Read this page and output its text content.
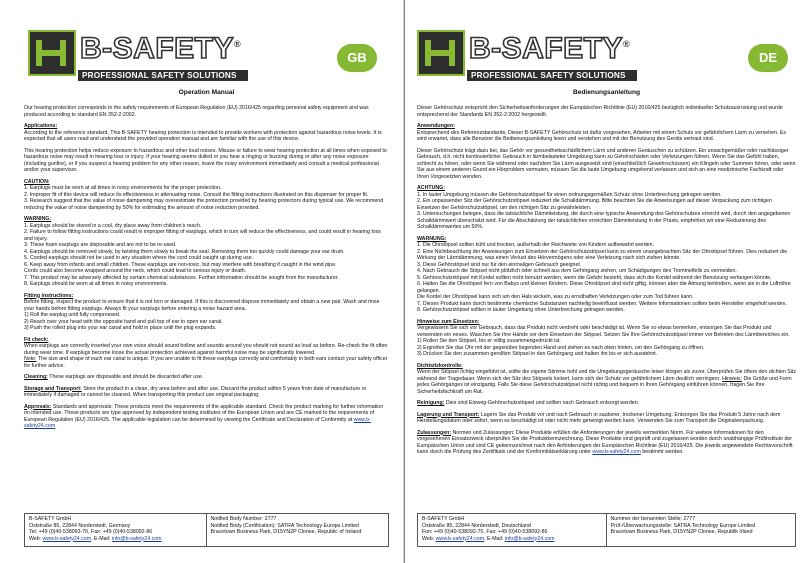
B-SAFETY®
PROFESSIONAL SAFETY SOLUTIONS
GB
Operation Manual

Our hearing protection corresponds to the safety requirements of European Regulation (EU) 2016/425 regarding personal safety equipment and was produced according to standard EN 352-2:2002.

Applications:

According to the reference standard, This B-SAFETY hearing protection is intended to provide workers with protection against hazardous noise levels. It is expected that all users read and understand the provided operation manual and are familiar with the use of this device.

This hearing protection helps reduce exposure to hazardous and other loud noises. Misuse or failure to wear hearing protection at all times when exposed to hazardous noise may result in hearing loss or injury. If your hearing seems dulled or you hear a ringing or buzzing during or after any noise exposure (including gunfire), or if you suspect a hearing problem for any other reason, leave the noisy environment immediately and consult a medical professional and/or your supervisor.

CAUTION:
1. Earplugs must be worn at all times in noisy environments for the proper protection.
2. Improper fit of this device will reduce its effectiveness in attenuating noise. Consult the fitting instructions illustrated on this dispenser for proper fit.
3. Research suggest that the value of noise dampening may overestimate the protection provided by hearing protectors during typical use. We recommend reducing the value of noise dampening by 50% for estimating the amount of noise reduction provided.
WARNING:
1. Earplugs should be stored in a cool, dry place away from children’s reach.
2. Failure to follow fitting instructions could result in improper fitting of earplugs, which in turn will reduce the effectiveness, and could result in hearing loss and injury.
3. These foam earplugs are disposable and are not to be re-used.
4. Earplugs should be removed slowly, by twisting them slowly to break the seal. Removing them too quickly could damage your ear drum.
5. Corded earplugs should not be used in any situation where the cord could caught up during use.
6. Keep away from infants and small children. These earplugs are non-toxic, but may interfere with breathing if caught in the wind pipe.
Cords could also become wrapped around the neck, which could lead to serious injury or death.
7. This product may be adversely affected by certain chemical substances. Further information should be sought from the manufacturer.
8. Earplugs should be worn at all times in noisy environments.
Fitting instructions:
Before fitting, inspect the product to ensure that it is not torn or damaged. If this is discovered dispose immediately and obtain a new pair. Wash and rinse your hands before fitting earplugs. Always fit your earplugs before entering a noise hazard area.
1) Roll the earplug until fully compressed.
2) Reach over your head with the opposite hand and pull top of ear to open ear canal.
3) Push the rolled plug into your ear canal and hold in place until the plug expands.
Fit check:

When earplugs are correctly inserted your own voice should sound hollow and sounds around you should not sound as loud as before. Re-check the fit often during wear time. If earplugs become loose the actual protection achieved against harmful noise may be significantly lowered.
Note: The size and shape of each ear canal is unique. If you are unable to fit these earplugs correctly and comfortably in both ears contact your safety officer for further advice.

Cleaning: These earplugs are disposable and should be discarded after use.

Storage and Transport: Store the product in a clean, dry area before and after use. Discard the product within 5 years from date of manufacture or immediately if damaged or cannot be cleaned. When transporting this product use original packaging.

Approvals: Standards and approvals: These products meet the requirements of the applicable standard. Check the product marking for further information on intended use. These products are type approved by independent testing institutes of the European Union and are CE marked to the requirements of European Regulation (EU) 2016/425. The applicable legislation can be determined by viewing the Certificate and Declaration of Conformity at www.b-safety24.com

B-SAFETY GmbH
Oststraße 85, 22844 Norderstedt, Germany
Tel: +49 (0)40-538092-70, Fax: +49 (0)40-538092-86
Web: www.b-safety24.com, E-Mail: info@b-safety24.com
Notified Body Number: 2777
Notified Body (Certification): SATRA Technology Europe Limited
Bracetown Business Park, D15YN2P Clonee, Republic of Ireland
B-SAFETY®
PROFESSIONAL SAFETY SOLUTIONS
DE
Bedienungsanleitung

Dieser Gehörschutz entspricht den Sicherheitsanforderungen der Europäischen Richtlinie (EU) 2016/425 bezüglich individueller Schutzausrüstung und wurde entsprechend der Standards EN 352-2:2002 hergestellt.

Anwendungen:

Entsprechend des Referenzstandards, Dieser B-SAFETY Gehörschutz ist dafür vorgesehen, Arbeiter mit einem Schutz vor gefährlichem Lärm zu versehen. Es wird erwartet, dass alle Benutzer die Bedienungsanleitung lesen und verstehen und mit der Benutzung des Geräts vertraut sind.

Dieser Gehörschutz trägt dazu bei, das Gehör vor gesundheitsschädlichem Lärm und anderen Geräuschen zu schützen. Ein unsachgemäßer oder nachlässiger Gebrauch, d.h. nicht kontinuierlicher Gebrauch in lärmbelasteter Umgebung kann zu Gehörschäden oder Verletzungen führen. Wenn Sie das Gefühl haben, schlecht zu hören, oder wenn Sie während oder nachdem Sie Lärm ausgesetzt sind (einschließlich Gewehrschüssen) ein Klingeln oder Summen hören, oder wenn Sie aus einem anderen Grund ein Hörproblem vermuten, müssen Sie die laute Umgebung umgehend verlassen und sich an eine medizinische Fachkraft oder Ihren Vorgesetzten wenden.

ACHTUNG:
1. In lauter Umgebung müssen die Gehörschutzstöpsel für einen ordnungsgemäßen Schutz ohne Unterbrechung getragen werden.
2. Ein unpassender Sitz der Gehörschutzstöpsel reduziert die Schalldämmung. Bitte beachten Sie die Anweisungen auf dieser Verpackung zum richtigen Einsetzen der Gehörschutzstöpsel, um den richtigen Sitz zu gewährleisten.
3. Untersuchungen belegen, dass die tatsächliche Dämmleistung, die durch eine typische Anwendung des Gehörschutzes erreicht wird, durch den angegebenen Schalldämmwert überschätzt wird. Für die Abschätzung der tatsächlichen erreichten Dämmleistung in der Praxis, empfehlen wir eine Reduzierung des Schalldämmwertes um 50%.
WARNUNG:
1. Die Ohrstöpsel sollten kühl und trocken, außerhalb der Reichweite von Kindern aufbewahrt werden.
2. Eine Nichtbeachtung der Anweisungen zum Einsetzen der Gehörschutzstöpsel kann zu einem unangebrachten Sitz der Ohrstöpsel führen. Dies reduziert die Wirkung der Lärmdämmung, was einen Verlust des Hörvermögens oder eine Verletzung nach sich ziehen könnte.
3. Diese Gehörstöpsel sind nur für den einmaligen Gebrauch geeignet.
4. Nach Gebrauch die Stöpsel nicht plötzlich oder schnell aus dem Gehörgang ziehen, um Schädigungen des Trommelfells zu vermeiden.
5. Gehörschutzstöpsel mit Kordel sollten nicht benutzt werden, wenn die Gefahr besteht, dass sich die Kordel während der Benutzung verfangen könnte.
6. Halten Sie die Ohrstöpsel fern von Babys und kleinen Kindern. Diese Ohrstöpsel sind nicht giftig, können aber die Atmung behindern, wenn sie in die Luftröhre gelangen.
Die Kordel der Ohrstöpsel kann sich um den Hals wickeln, was zu ernsthaften Verletzungen oder zum Tod führen kann.
7. Dieses Produkt kann durch bestimmte chemische Substanzen nachteilig beeinflusst werden. Weitere Informationen sollten beim Hersteller eingeholt werden.
8. Gehörschutzstöpsel sollten in lauter Umgebung ohne Unterbrechung getragen werden.
Hinweise zum Einsetzen:
Vergewissern Sie sich vor Gebrauch, dass das Produkt nicht verdreht oder beschädigt ist. Wenn Sie so etwas bemerken, entsorgen Sie das Produkt und verwenden ein neues. Waschen Sie Ihre Hände vor dem Einsetzen der Stöpsel. Setzen Sie Ihre Gehörschutzstöpsel immer vor Betreten des Lärmbereiches ein.
1) Rollen Sie den Stöpsel, bis er völlig zusammengedrückt ist.
2) Ergreifen Sie das Ohr mit der gegenüber liegenden Hand und ziehen es nach oben hinten, um den Gehörgang zu öffnen.
3) Drücken Sie den zusammen gerollten Stöpsel in den Gehörgang und halten ihn bis er sich ausdehnt.
Dichtsitzkontrolle:

Wenn der Stöpsel richtig eingeführt ist, sollte die eigene Stimme hohl und die Umgebungsgeräusche leiser klingen als zuvor. Überprüfen Sie öfters den dichten Sitz während der Tragedauer. Wenn sich der Sitz des Stöpsels lockert, kann sich der Schutz vor gefährlichem Lärm deutlich verringern. Hinweis: Die Größe und Form jedes Gehörganges ist einzigartig. Falls Sie diese Gehörschutzstöpsel nicht richtig und bequem in Ihren Gehörgang einführen können, fragen Sie Ihre Sicherheitsfachkraft um Rat.

Reinigung: Dies sind Einweg-Gehörschutzstöpsel und sollten nach Gebrauch entsorgt werden.

Lagerung und Transport: Lagern Sie das Produkt vor und nach Gebrauch in sauberer, trockener Umgebung. Entsorgen Sie das Produkt 5 Jahre nach dem Herstellungsdatum oder sofort, wenn es beschädigt ist oder nicht mehr gereinigt werden kann. Verwenden Sie zum Transport die Originalverpackung.

Zulassungen: Normen und Zulassungen: Diese Produkte erfüllen die Anforderungen der jeweils vermerkten Norm. Für weitere Informationen für den vorgesehenen Einsatzzweck überprüfen Sie die Produktkennzeichnung. Diese Produkte sind geprüft und zugelassen worden durch unabhängige Prüfinstitute der Europäischen Union und sind CE gekennzeichnet nach den Anforderungen der Europäischen Richtlinie (EU) 2016/425. Die jeweils angewendete Rechtsvorschrift kann durch die Prüfung des Zertifikats und der Konformitätserklärung unter www.b-safety24.com bestimmt werden.

B-SAFETY GmbH
Oststraße 85, 22844 Norderstedt, Deutschland
Fon: +49 (0)40-538092-70, Fax: +49 (0)40-538092-86
Web: www.b-safety24.com, E-Mail: info@b-safety24.com
Nummer der benannten Stelle: 2777
Prüf-/Überwachungsstelle: SATRA Technology Europe Limited
Bracetown Business Park, D15YN2P Clonee, Republik Irland
